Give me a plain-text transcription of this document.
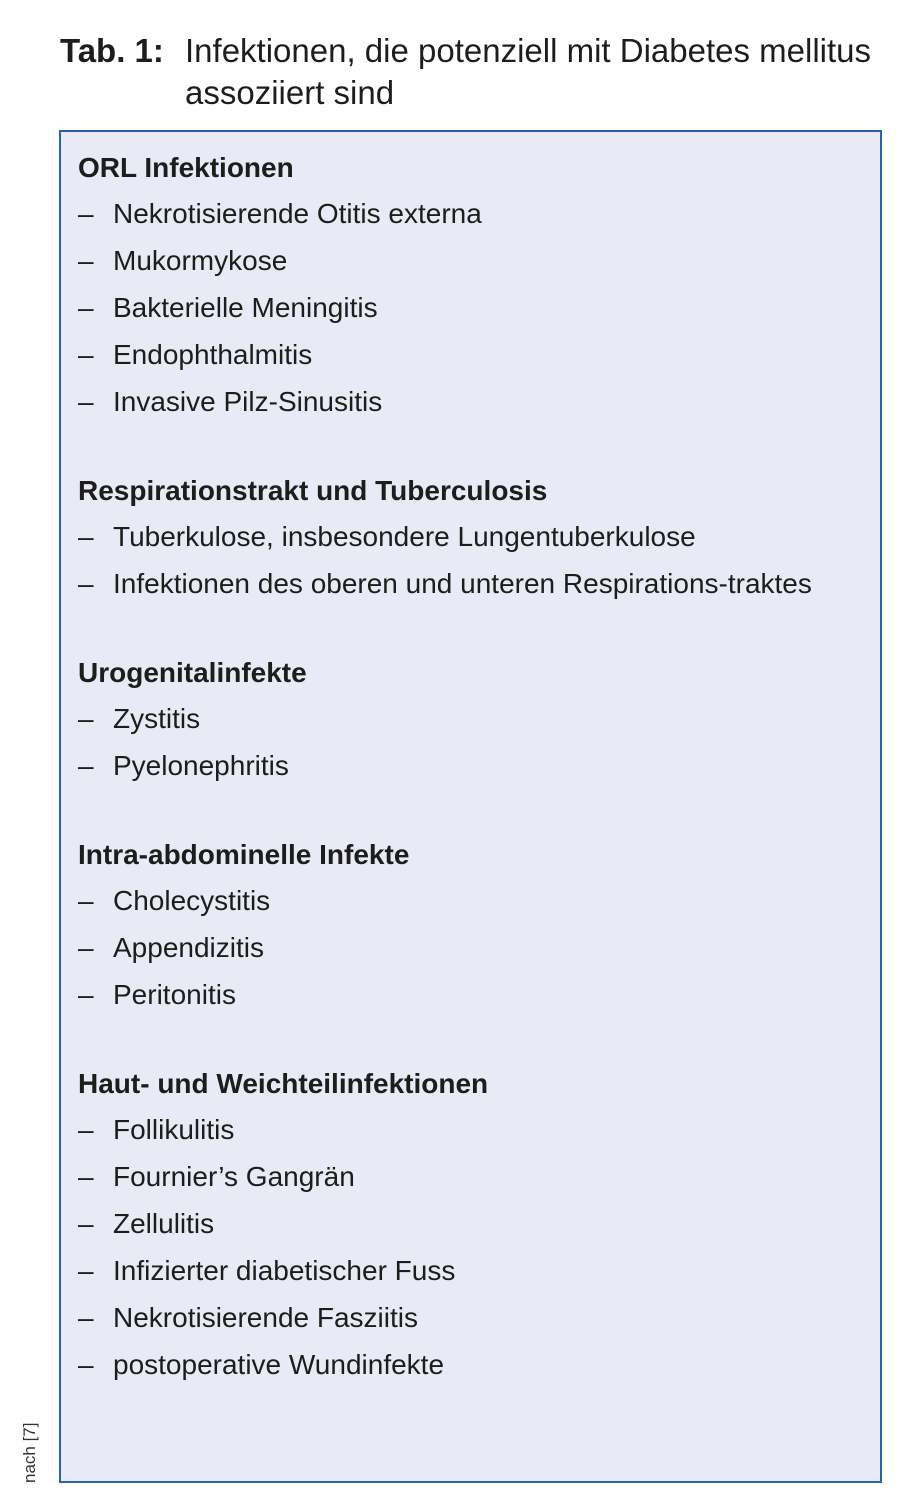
Tab. 1: Infektionen, die potenziell mit Diabetes mellitus assoziiert sind
ORL Infektionen
– Nekrotisierende Otitis externa
– Mukormykose
– Bakterielle Meningitis
– Endophthalmitis
– Invasive Pilz-Sinusitis
Respirationstrakt und Tuberculosis
– Tuberkulose, insbesondere Lungentuberkulose
– Infektionen des oberen und unteren Respirations-traktes
Urogenitalinfekte
– Zystitis
– Pyelonephritis
Intra-abdominelle Infekte
– Cholecystitis
– Appendizitis
– Peritonitis
Haut- und Weichteilinfektionen
– Follikulitis
– Fournier’s Gangrän
– Zellulitis
– Infizierter diabetischer Fuss
– Nekrotisierende Fasziitis
– postoperative Wundinfekte
nach [7]
